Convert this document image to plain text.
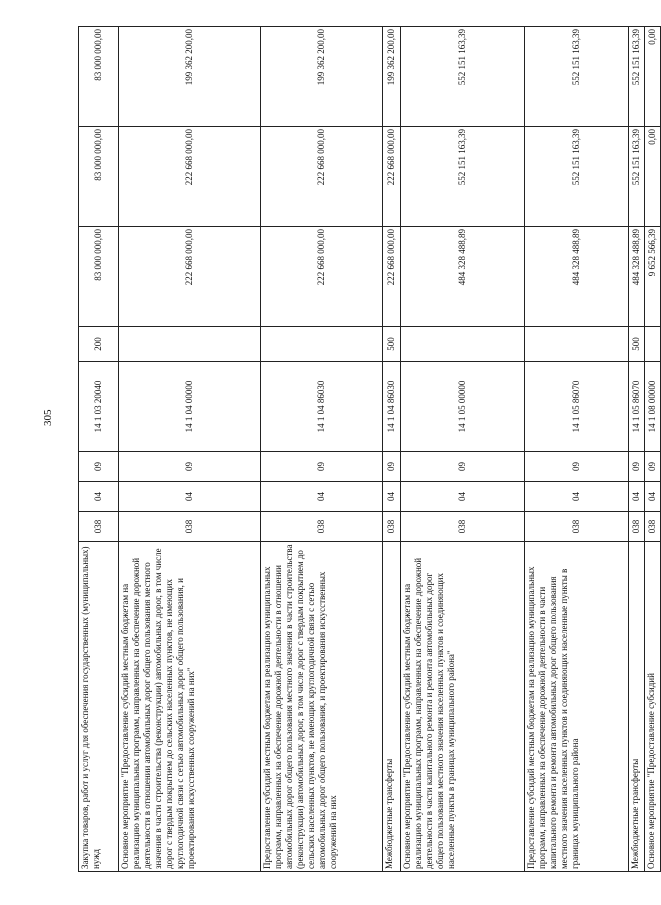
305
Закупка товаров, работ и услуг для обеспечения государственных (муниципальных) нужд	038	04	09	14 1 03 20040	200	83 000 000,00	83 000 000,00	83 000 000,00
Основное мероприятие "Предоставление субсидий местным бюджетам на реализацию муниципальных программ, направленных на обеспечение дорожной деятельности в отношении автомобильных дорог общего пользования местного значения в части строительства (реконструкции) автомобильных дорог, в том числе дорог с твердым покрытием до сельских населенных пунктов, не имеющих круглогодичной связи с сетью автомобильных дорог общего пользования, и проектирования искусственных сооружений на них"	038	04	09	14 1 04 00000		222 668 000,00	222 668 000,00	199 362 200,00
Предоставление субсидий местным бюджетам на реализацию муниципальных программ, направленных на обеспечение дорожной деятельности в отношении автомобильных дорог общего пользования местного значения в части строительства (реконструкции) автомобильных дорог, в том числе дорог с твердым покрытием до сельских населенных пунктов, не имеющих круглогодичной связи с сетью автомобильных дорог общего пользования, и проектирования искусственных сооружений на них	038	04	09	14 1 04 86030		222 668 000,00	222 668 000,00	199 362 200,00
Межбюджетные трансферты	038	04	09	14 1 04 86030	500	222 668 000,00	222 668 000,00	199 362 200,00
Основное мероприятие "Предоставление субсидий местным бюджетам на реализацию муниципальных программ, направленных на обеспечение дорожной деятельности в части капитального ремонта и ремонта автомобильных дорог общего пользования местного значения населенных пунктов и соединяющих населенные пункты в границах муниципального района"	038	04	09	14 1 05 00000		484 328 488,89	552 151 163,39	552 151 163,39
Предоставление субсидий местным бюджетам на реализацию муниципальных программ, направленных на обеспечение дорожной деятельности в части капитального ремонта и ремонта автомобильных дорог общего пользования местного значения населенных пунктов и соединяющих населенные пункты в границах муниципального района	038	04	09	14 1 05 86070		484 328 488,89	552 151 163,39	552 151 163,39
Межбюджетные трансферты	038	04	09	14 1 05 86070	500	484 328 488,89	552 151 163,39	552 151 163,39
Основное мероприятие "Предоставление субсидий	038	04	09	14 1 08 00000		9 652 566,39	0,00	0,00
